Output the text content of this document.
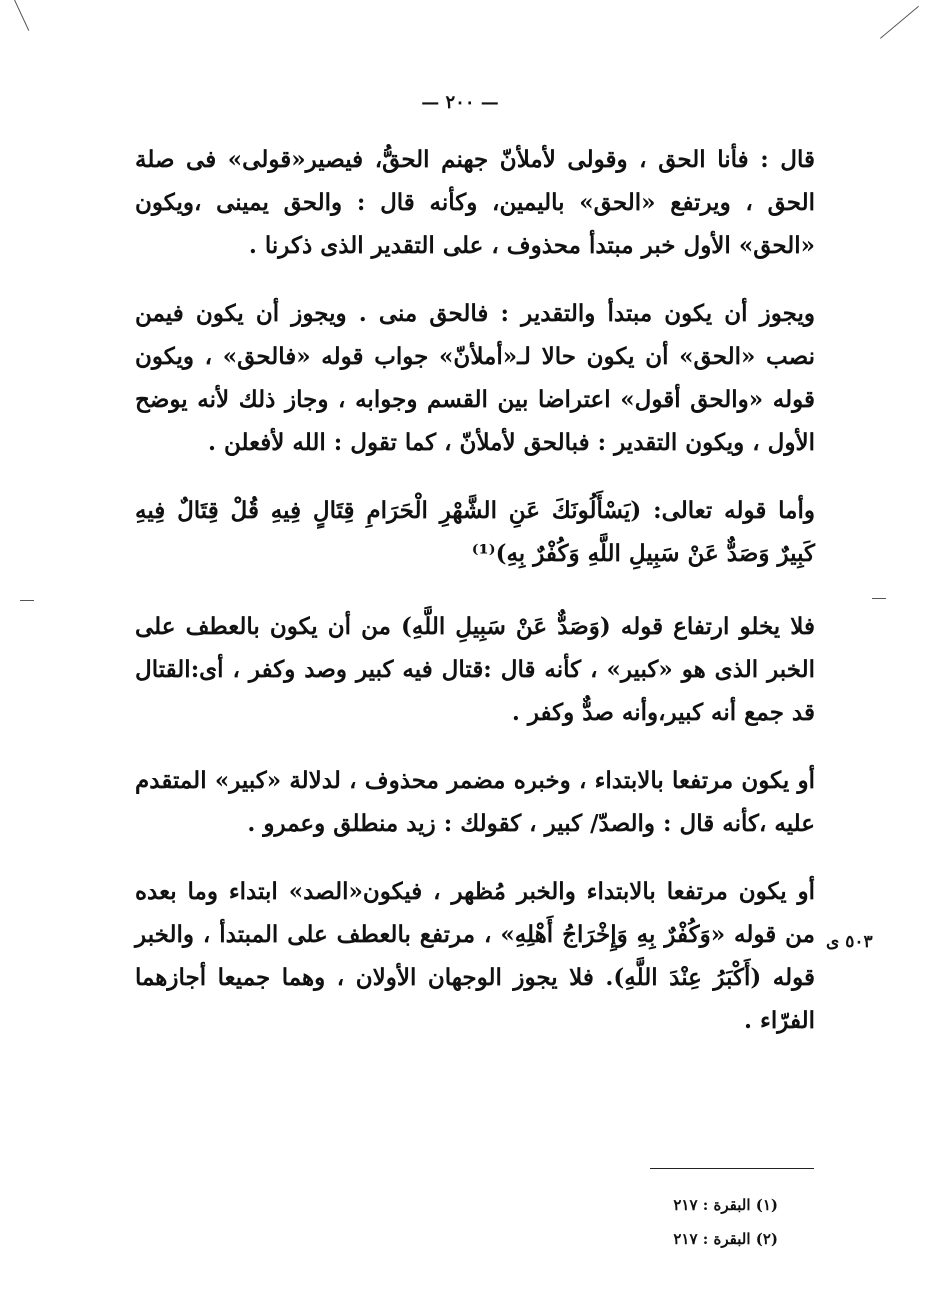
— ٢٠٠ —

قال : فأنا الحق ، وقولى لأملأنّ جهنم الحقُّ، فيصير«قولى» فى صلة الحق ، ويرتفع «الحق» باليمين، وكأنه قال : والحق يمينى ،ويكون «الحق» الأول خبر مبتدأ محذوف ، على التقدير الذى ذكرنا .

ويجوز أن يكون مبتدأ والتقدير : فالحق منى . ويجوز أن يكون فيمن نصب «الحق» أن يكون حالا لـ«أملأنّ» جواب قوله «فالحق» ، ويكون قوله «والحق أقول» اعتراضا بين القسم وجوابه ، وجاز ذلك لأنه يوضح الأول ، ويكون التقدير : فبالحق لأملأنّ ، كما تقول : الله لأفعلن .

وأما قوله تعالى: (يَسْأَلُونَكَ عَنِ الشَّهْرِ الْحَرَامِ قِتَالٍ فِيهِ قُلْ قِتَالٌ فِيهِ كَبِيرٌ وَصَدٌّ عَنْ سَبِيلِ اللَّهِ وَكُفْرٌ بِهِ)⁽¹⁾

فلا يخلو ارتفاع قوله (وَصَدٌّ عَنْ سَبِيلِ اللَّهِ) من أن يكون بالعطف على الخبر الذى هو «كبير» ، كأنه قال :قتال فيه كبير وصد وكفر ، أى:القتال قد جمع أنه كبير،وأنه صدٌّ وكفر .

أو يكون مرتفعا بالابتداء ، وخبره مضمر محذوف ، لدلالة «كبير» المتقدم عليه ،كأنه قال : والصدّ/ كبير ، كقولك : زيد منطلق وعمرو .

أو يكون مرتفعا بالابتداء والخبر مُظهر ، فيكون«الصد» ابتداء وما بعده من قوله «وَكُفْرٌ بِهِ وَإِخْرَاجُ أَهْلِهِ» ، مرتفع بالعطف على المبتدأ ، والخبر قوله (أَكْبَرُ عِنْدَ اللَّهِ). فلا يجوز الوجهان الأولان ، وهما جميعا أجازهما الفرّاء .

٥٠٣ ى

(١) البقرة : ٢١٧

(٢) البقرة : ٢١٧
